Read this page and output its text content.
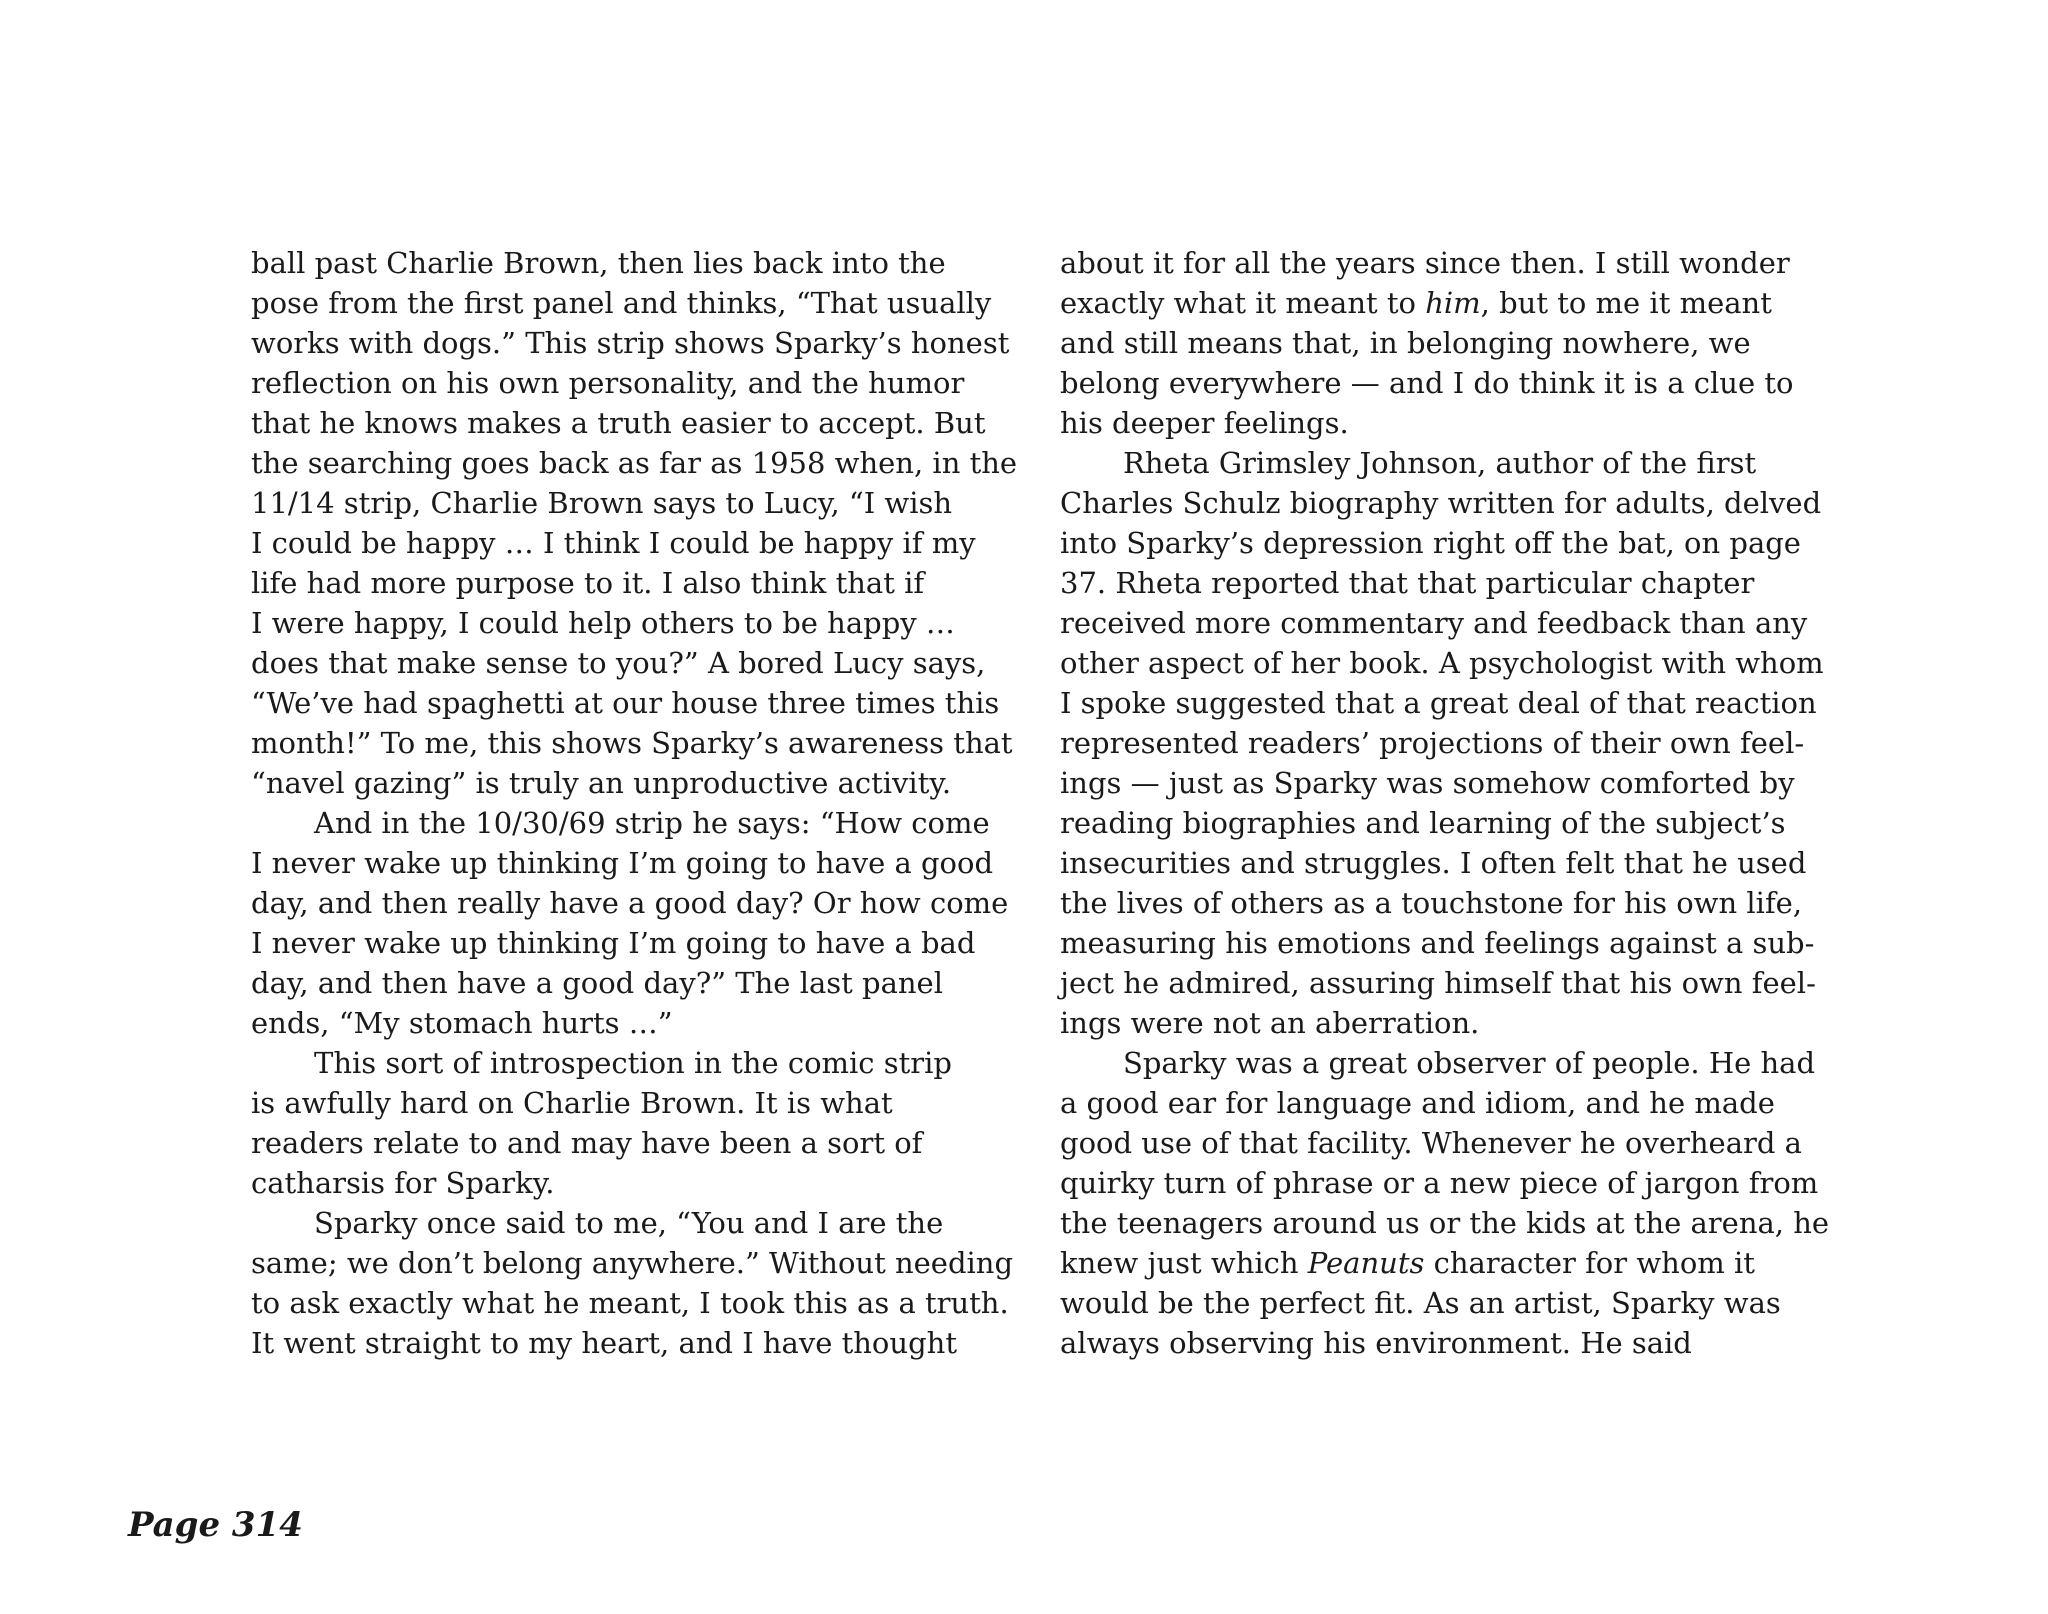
ball past Charlie Brown, then lies back into the
pose from the first panel and thinks, “That usually
works with dogs.” This strip shows Sparky’s honest
reflection on his own personality, and the humor
that he knows makes a truth easier to accept. But
the searching goes back as far as 1958 when, in the
11/14 strip, Charlie Brown says to Lucy, “I wish
I could be happy … I think I could be happy if my
life had more purpose to it. I also think that if
I were happy, I could help others to be happy …
does that make sense to you?” A bored Lucy says,
“We’ve had spaghetti at our house three times this
month!” To me, this shows Sparky’s awareness that
“navel gazing” is truly an unproductive activity.
And in the 10/30/69 strip he says: “How come
I never wake up thinking I’m going to have a good
day, and then really have a good day? Or how come
I never wake up thinking I’m going to have a bad
day, and then have a good day?” The last panel
ends, “My stomach hurts …”
This sort of introspection in the comic strip
is awfully hard on Charlie Brown. It is what
readers relate to and may have been a sort of
catharsis for Sparky.
Sparky once said to me, “You and I are the
same; we don’t belong anywhere.” Without needing
to ask exactly what he meant, I took this as a truth.
It went straight to my heart, and I have thought
about it for all the years since then. I still wonder
exactly what it meant to him, but to me it meant
and still means that, in belonging nowhere, we
belong everywhere — and I do think it is a clue to
his deeper feelings.
Rheta Grimsley Johnson, author of the first
Charles Schulz biography written for adults, delved
into Sparky’s depression right off the bat, on page
37. Rheta reported that that particular chapter
received more commentary and feedback than any
other aspect of her book. A psychologist with whom
I spoke suggested that a great deal of that reaction
represented readers’ projections of their own feel-
ings — just as Sparky was somehow comforted by
reading biographies and learning of the subject’s
insecurities and struggles. I often felt that he used
the lives of others as a touchstone for his own life,
measuring his emotions and feelings against a sub-
ject he admired, assuring himself that his own feel-
ings were not an aberration.
Sparky was a great observer of people. He had
a good ear for language and idiom, and he made
good use of that facility. Whenever he overheard a
quirky turn of phrase or a new piece of jargon from
the teenagers around us or the kids at the arena, he
knew just which Peanuts character for whom it
would be the perfect fit. As an artist, Sparky was
always observing his environment. He said
Page 314
